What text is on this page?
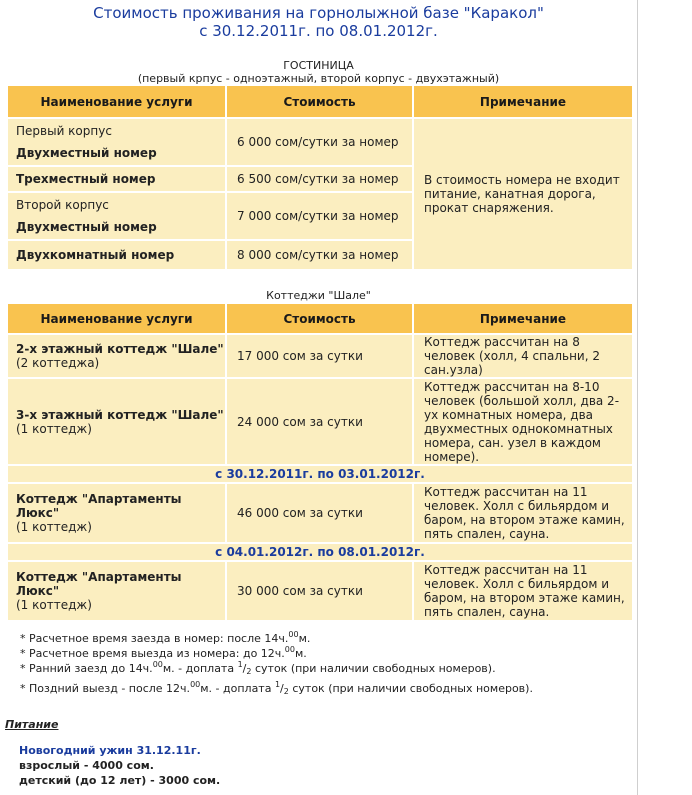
Стоимость проживания на горнолыжной базе "Каракол"
с 30.12.2011г. по 08.01.2012г.
ГОСТИНИЦА
(первый крпус - одноэтажный, второй корпус - двухэтажный)
Наименование услуги	Стоимость	Примечание
Первый корпус
Двухместный номер	6 000 сом/сутки за номер	В стоимость номера не входит питание, канатная дорога, прокат снаряжения.
Трехместный номер	6 500 сом/сутки за номер	
Второй корпус
Двухместный номер	7 000 сом/сутки за номер	
Двухкомнатный номер	8 000 сом/сутки за номер	
Коттеджи "Шале"
Наименование услуги	Стоимость	Примечание

2-х этажный коттедж "Шале"
(2 коттеджа)	17 000 сом за сутки	Коттедж рассчитан на 8 человек (холл, 4 спальни, 2 сан.узла)

3-х этажный коттедж "Шале"
(1 коттедж)	24 000 сом за сутки	Коттедж рассчитан на 8-10 человек (большой холл, два 2-ух комнатных номера, два двухместных однокомнатных номера, сан. узел в каждом номере).
с 30.12.2011г. по 03.01.2012г.		

Коттедж "Апартаменты Люкс"
(1 коттедж)	46 000 сом за сутки	Коттедж рассчитан на 11 человек. Холл с бильярдом и баром, на втором этаже камин, пять спален, сауна.
с 04.01.2012г. по 08.01.2012г.		

Коттедж "Апартаменты Люкс"
(1 коттедж)	30 000 сом за сутки	Коттедж рассчитан на 11 человек. Холл с бильярдом и баром, на втором этаже камин, пять спален, сауна.
* Расчетное время заезда в номер: после 14ч.$^{00}$м.
* Расчетное время выезда из номера: до 12ч.$^{00}$м.
* Ранний заезд до 14ч.$^{00}$м. - доплата $^1/_2$ суток (при наличии свободных номеров).
* Поздний выезд - после 12ч.$^{00}$м. - доплата $^1/_2$ суток (при наличии свободных номеров).
Питание
Новогодний ужин 31.12.11г.
взрослый - 4000 сом.
детский (до 12 лет) - 3000 сом.
